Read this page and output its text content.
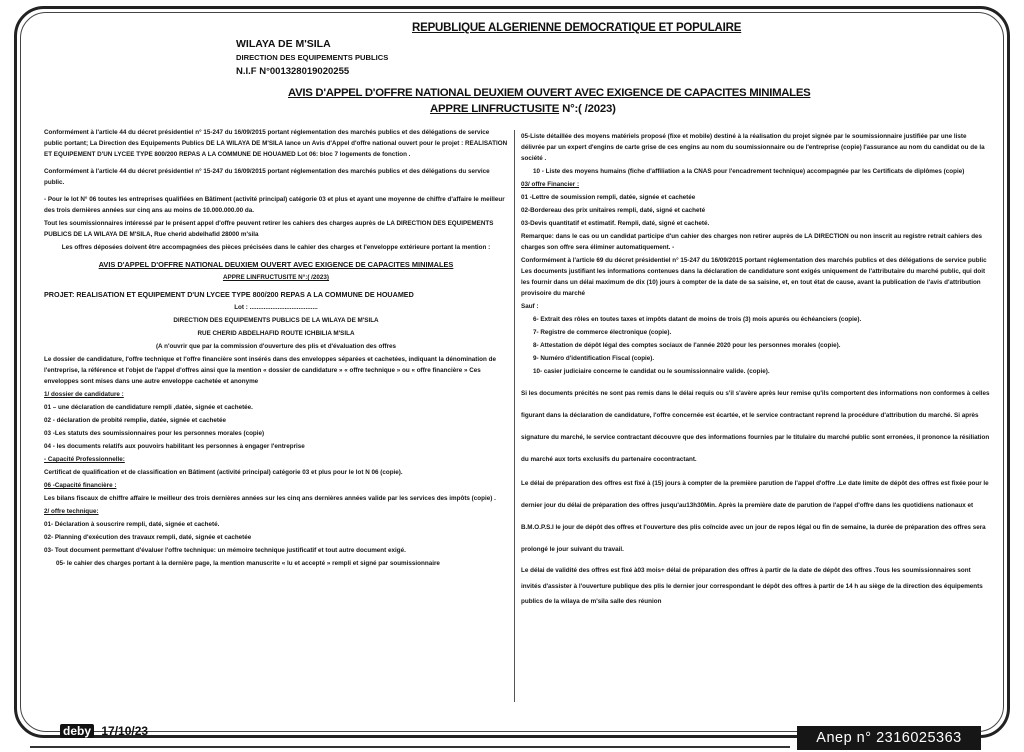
REPUBLIQUE ALGERIENNE DEMOCRATIQUE ET POPULAIRE
WILAYA DE M'SILA
DIRECTION DES EQUIPEMENTS PUBLICS
N.I.F N°001328019020255
AVIS D'APPEL D'OFFRE NATIONAL DEUXIEM OUVERT AVEC EXIGENCE DE CAPACITES MINIMALES
APPRE LINFRUCTUSITE N°:( /2023)

Conformément à l'article 44 du décret présidentiel n° 15-247 du 16/09/2015 portant réglementation des marchés publics et des délégations de service public portant; La Direction des Equipements Publics DE LA WILAYA DE M'SILA lance un Avis d'Appel d'offre national ouvert pour le projet : REALISATION ET EQUIPEMENT D'UN LYCEE TYPE 800/200 REPAS A LA COMMUNE DE HOUAMED Lot 06: bloc 7 logements de fonction .

Conformément à l'article 44 du décret présidentiel n° 15-247 du 16/09/2015 portant réglementation des marchés publics et des délégations du service public.

- Pour le lot N° 06 toutes les entreprises qualifiées en Bâtiment (activité principal) catégorie 03 et plus et ayant une moyenne de chiffre d'affaire le meilleur des trois dernières années sur cinq ans au moins de 10.000.000.00 da.

Tout les soumissionnaires intéressé par le présent appel d'offre peuvent retirer les cahiers des charges auprès de LA DIRECTION DES EQUIPEMENTS PUBLICS DE LA WILAYA DE M'SILA, Rue cherid abdelhafid 28000 m'sila

Les offres déposées doivent être accompagnées des pièces précisées dans le cahier des charges et l'enveloppe extérieure portant la mention :

AVIS D'APPEL D'OFFRE NATIONAL DEUXIEM OUVERT AVEC EXIGENCE DE CAPACITES MINIMALES

APPRE LINFRUCTUSITE N°:( /2023)

PROJET: REALISATION ET EQUIPEMENT D'UN LYCEE TYPE 800/200 REPAS A LA COMMUNE DE HOUAMED

Lot : .......................................

DIRECTION DES EQUIPEMENTS PUBLICS DE LA WILAYA DE M'SILA

RUE CHERID ABDELHAFID ROUTE ICHBILIA M'SILA

(A n'ouvrir que par la commission d'ouverture des plis et d'évaluation des offres

Le dossier de candidature, l'offre technique et l'offre financière sont insérés dans des enveloppes séparées et cachetées, indiquant la dénomination de l'entreprise, la référence et l'objet de l'appel d'offres ainsi que la mention « dossier de candidature » « offre technique » ou « offre financière » Ces enveloppes sont mises dans une autre enveloppe cachetée et anonyme

1/ dossier de candidature :

01 – une déclaration de candidature rempli ,datée, signée et cachetée.

02 - déclaration de probité remplie, datée, signée et cachetée

03 -Les statuts des soumissionnaires pour les personnes morales (copie)

04 - les documents relatifs aux pouvoirs habilitant les personnes à engager l'entreprise

- Capacité Professionnelle:

Certificat de qualification et de classification en Bâtiment (activité principal) catégorie 03 et plus pour le lot N 06 (copie).

06 -Capacité financière :

Les bilans fiscaux de chiffre affaire le meilleur des trois dernières années sur les cinq ans dernières années valide par les services des impôts (copie) .

2/ offre technique:

01- Déclaration à souscrire rempli, daté, signée et cacheté.

02- Planning d'exécution des travaux rempli, daté, signée et cachetée

03- Tout document permettant d'évaluer l'offre technique: un mémoire technique justificatif et tout autre document exigé.

05- le cahier des charges portant à la dernière page, la mention manuscrite « lu et accepté » rempli et signé par soumissionnaire

05-Liste détaillée des moyens matériels proposé (fixe et mobile) destiné à la réalisation du projet signée par le soumissionnaire justifiée par une liste délivrée par un expert d'engins de carte grise de ces engins au nom du soumissionnaire ou de l'entreprise (copie) l'assurance au nom du candidat ou de la société .

10 - Liste des moyens humains (fiche d'affiliation a la CNAS pour l'encadrement technique) accompagnée par les Certificats de diplômes (copie)

03/ offre Financier :

01 -Lettre de soumission rempli, datée, signée et cachetée

02-Bordereau des prix unitaires rempli, daté, signé et cacheté

03-Devis quantitatif et estimatif. Rempli, daté, signé et cacheté.

Remarque: dans le cas ou un candidat participe d'un cahier des charges non retirer auprès de LA DIRECTION ou non inscrit au registre retrait cahiers des charges son offre sera éliminer automatiquement. -

Conformément à l'article 69 du décret présidentiel n° 15-247 du 16/09/2015 portant réglementation des marchés publics et des délégations de service public Les documents justifiant les informations contenues dans la déclaration de candidature sont exigés uniquement de l'attributaire du marché public, qui doit les fournir dans un délai maximum de dix (10) jours à compter de la date de sa saisine, et, en tout état de cause, avant la publication de l'avis d'attribution provisoire du marché

Sauf :

6- Extrait des rôles en toutes taxes et impôts datant de moins de trois (3) mois apurés ou échéanciers (copie).

7- Registre de commerce électronique (copie).

8- Attestation de dépôt légal des comptes sociaux de l'année 2020 pour les personnes morales (copie).

9- Numéro d'identification Fiscal (copie).

10- casier judiciaire concerne le candidat ou le soumissionnaire valide. (copie).

Si les documents précités ne sont pas remis dans le délai requis ou s'il s'avère après leur remise qu'ils comportent des informations non conformes à celles figurant dans la déclaration de candidature, l'offre concernée est écartée, et le service contractant reprend la procédure d'attribution du marché. Si après signature du marché, le service contractant découvre que des informations fournies par le titulaire du marché public sont erronées, il prononce la résiliation du marché aux torts exclusifs du partenaire cocontractant.

Le délai de préparation des offres est fixé à (15) jours à compter de la première parution de l'appel d'offre .Le date limite de dépôt des offres est fixée pour le dernier jour du délai de préparation des offres jusqu'au13h30Min. Après la première date de parution de l'appel d'offre dans les quotidiens nationaux et B.M.O.P.S.I le jour de dépôt des offres et l'ouverture des plis coïncide avec un jour de repos légal ou fin de semaine, la durée de préparation des offres sera prolongé le jour suivant du travail.

Le délai de validité des offres est fixé à03 mois+ délai de préparation des offres à partir de la date de dépôt des offres .Tous les soumissionnaires sont invités d'assister à l'ouverture publique des plis le dernier jour correspondant le dépôt des offres à partir de 14 h au siège de la direction des équipements publics de la wilaya de m'sila salle des réunion

deby 17/10/23	Anep n° 2316025363
